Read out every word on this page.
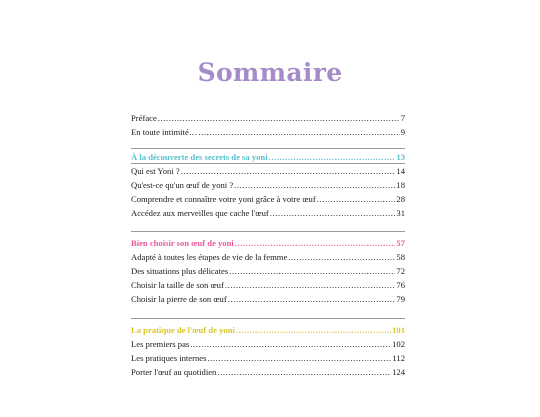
Sommaire
Préface .....	7
En toute intimité… .....	9
À la découverte des secrets de sa yoni .....	13
Qui est Yoni ? .....	14
Qu'est-ce qu'un œuf de yoni ? .....	18
Comprendre et connaître votre yoni grâce à votre œuf .....	28
Accédez aux merveilles que cache l'œuf .....	31
Bien choisir son œuf de yoni .....	57
Adapté à toutes les étapes de vie de la femme .....	58
Des situations plus délicates .....	72
Choisir la taille de son œuf .....	76
Choisir la pierre de son œuf .....	79
La pratique de l'œuf de yoni .....	101
Les premiers pas .....	102
Les pratiques internes .....	112
Porter l'œuf au quotidien .....	124
